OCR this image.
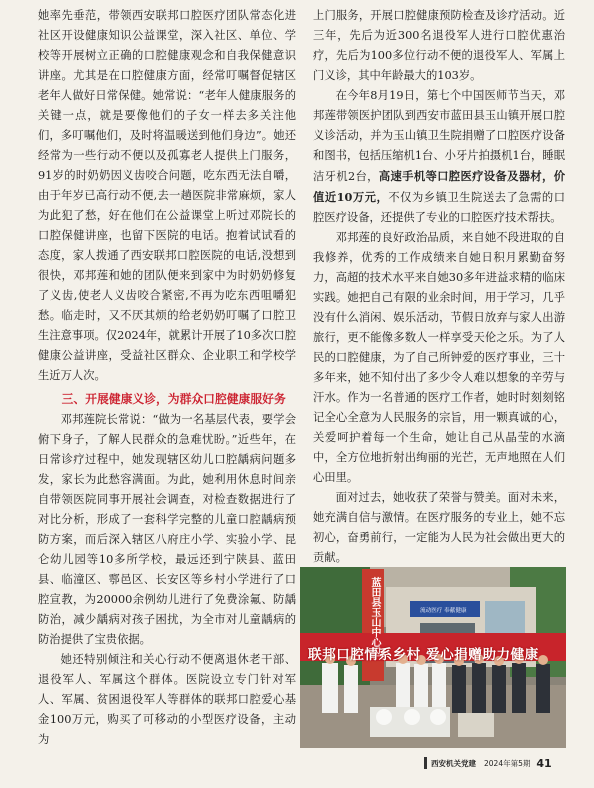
她率先垂范，带领西安联邦口腔医疗团队常态化进社区开设健康知识公益课堂，深入社区、单位、学校等开展树立正确的口腔健康观念和自我保健意识讲座。尤其是在口腔健康方面，经常叮嘱督促辖区老年人做好日常保健。她常说：“老年人健康服务的关键一点，就是要像他们的子女一样去多关注他们，多叮嘱他们，及时将温暖送到他们身边”。她还经常为一些行动不便以及孤寡老人提供上门服务，91岁的时奶奶因义齿咬合问题，吃东西无法自嚼，由于年岁已高行动不便,去一趟医院非常麻烦，家人为此犯了愁，好在他们在公益课堂上听过邓院长的口腔保健讲座，也留下医院的电话。抱着试试看的态度，家人拨通了西安联邦口腔医院的电话,没想到很快，邓邦莲和她的团队便来到家中为时奶奶修复了义齿,使老人义齿咬合紧密,不再为吃东西咀嚼犯愁。临走时，又不厌其烦的给老奶奶叮嘱了口腔卫生注意事项。仅2024年，就累计开展了10多次口腔健康公益讲座，受益社区群众、企业职工和学校学生近万人次。

三、开展健康义诊，为群众口腔健康服好务

邓邦莲院长常说：“做为一名基层代表，要学会俯下身子，了解人民群众的急难忧盼。”近些年，在日常诊疗过程中，她发现辖区幼儿口腔龋病问题多发，家长为此愁容满面。为此，她利用休息时间亲自带领医院同事开展社会调查，对检查数据进行了对比分析，形成了一套科学完整的儿童口腔龋病预防方案，而后深入辖区八府庄小学、实验小学、昆仑幼儿园等10多所学校，最远还到宁陕县、蓝田县、临潼区、鄠邑区、长安区等乡村小学进行了口腔宣教，为20000余例幼儿进行了免费涂氟、防龋防治，减少龋病对孩子困扰，为全市对儿童龋病的防治提供了宝贵依据。

她还特别倾注和关心行动不便离退休老干部、退役军人、军属这个群体。医院设立专门针对军人、军属、贫困退役军人等群体的联邦口腔爱心基金100万元，购买了可移动的小型医疗设备，主动为

上门服务，开展口腔健康预防检查及诊疗活动。近三年，先后为近300名退役军人进行口腔优惠治疗，先后为100多位行动不便的退役军人、军属上门义诊，其中年龄最大的103岁。

在今年8月19日，第七个中国医师节当天，邓邦莲带领医护团队到西安市蓝田县玉山镇开展口腔义诊活动，并为玉山镇卫生院捐赠了口腔医疗设备和图书，包括压缩机1台、小牙片拍摄机1台，睡眠洁牙机2台，高速手机等口腔医疗设备及器材，价值近10万元，不仅为乡镇卫生院送去了急需的口腔医疗设备，还提供了专业的口腔医疗技术帮扶。

邓邦莲的良好政治品质，来自她不段进取的自我修养，优秀的工作成绩来自她日积月累勤奋努力，高超的技术水平来自她30多年进益求精的临床实践。她把自己有限的业余时间，用于学习，几乎没有什么消闲、娱乐活动，节假日放弃与家人出游旅行，更不能像多数人一样享受天伦之乐。为了人民的口腔健康，为了自己所钟爱的医疗事业，三十多年来，她不知付出了多少令人难以想象的辛劳与汗水。作为一名普通的医疗工作者，她时时刻刻铭记全心全意为人民服务的宗旨，用一颗真诚的心，关爱呵护着每一个生命，她让自己从晶莹的水滴中，全方位地折射出绚丽的光芒，无声地照在人们心田里。

面对过去，她收获了荣誉与赞美。面对未来，她充满自信与激情。在医疗服务的专业上，她不忘初心，奋勇前行，一定能为人民为社会做出更大的贡献。

蓝田县玉山中心卫	流动医疗 奉献健康
联邦口腔情系乡村 爱心捐赠助力健康
西安机关党建 2024年第5期 41
